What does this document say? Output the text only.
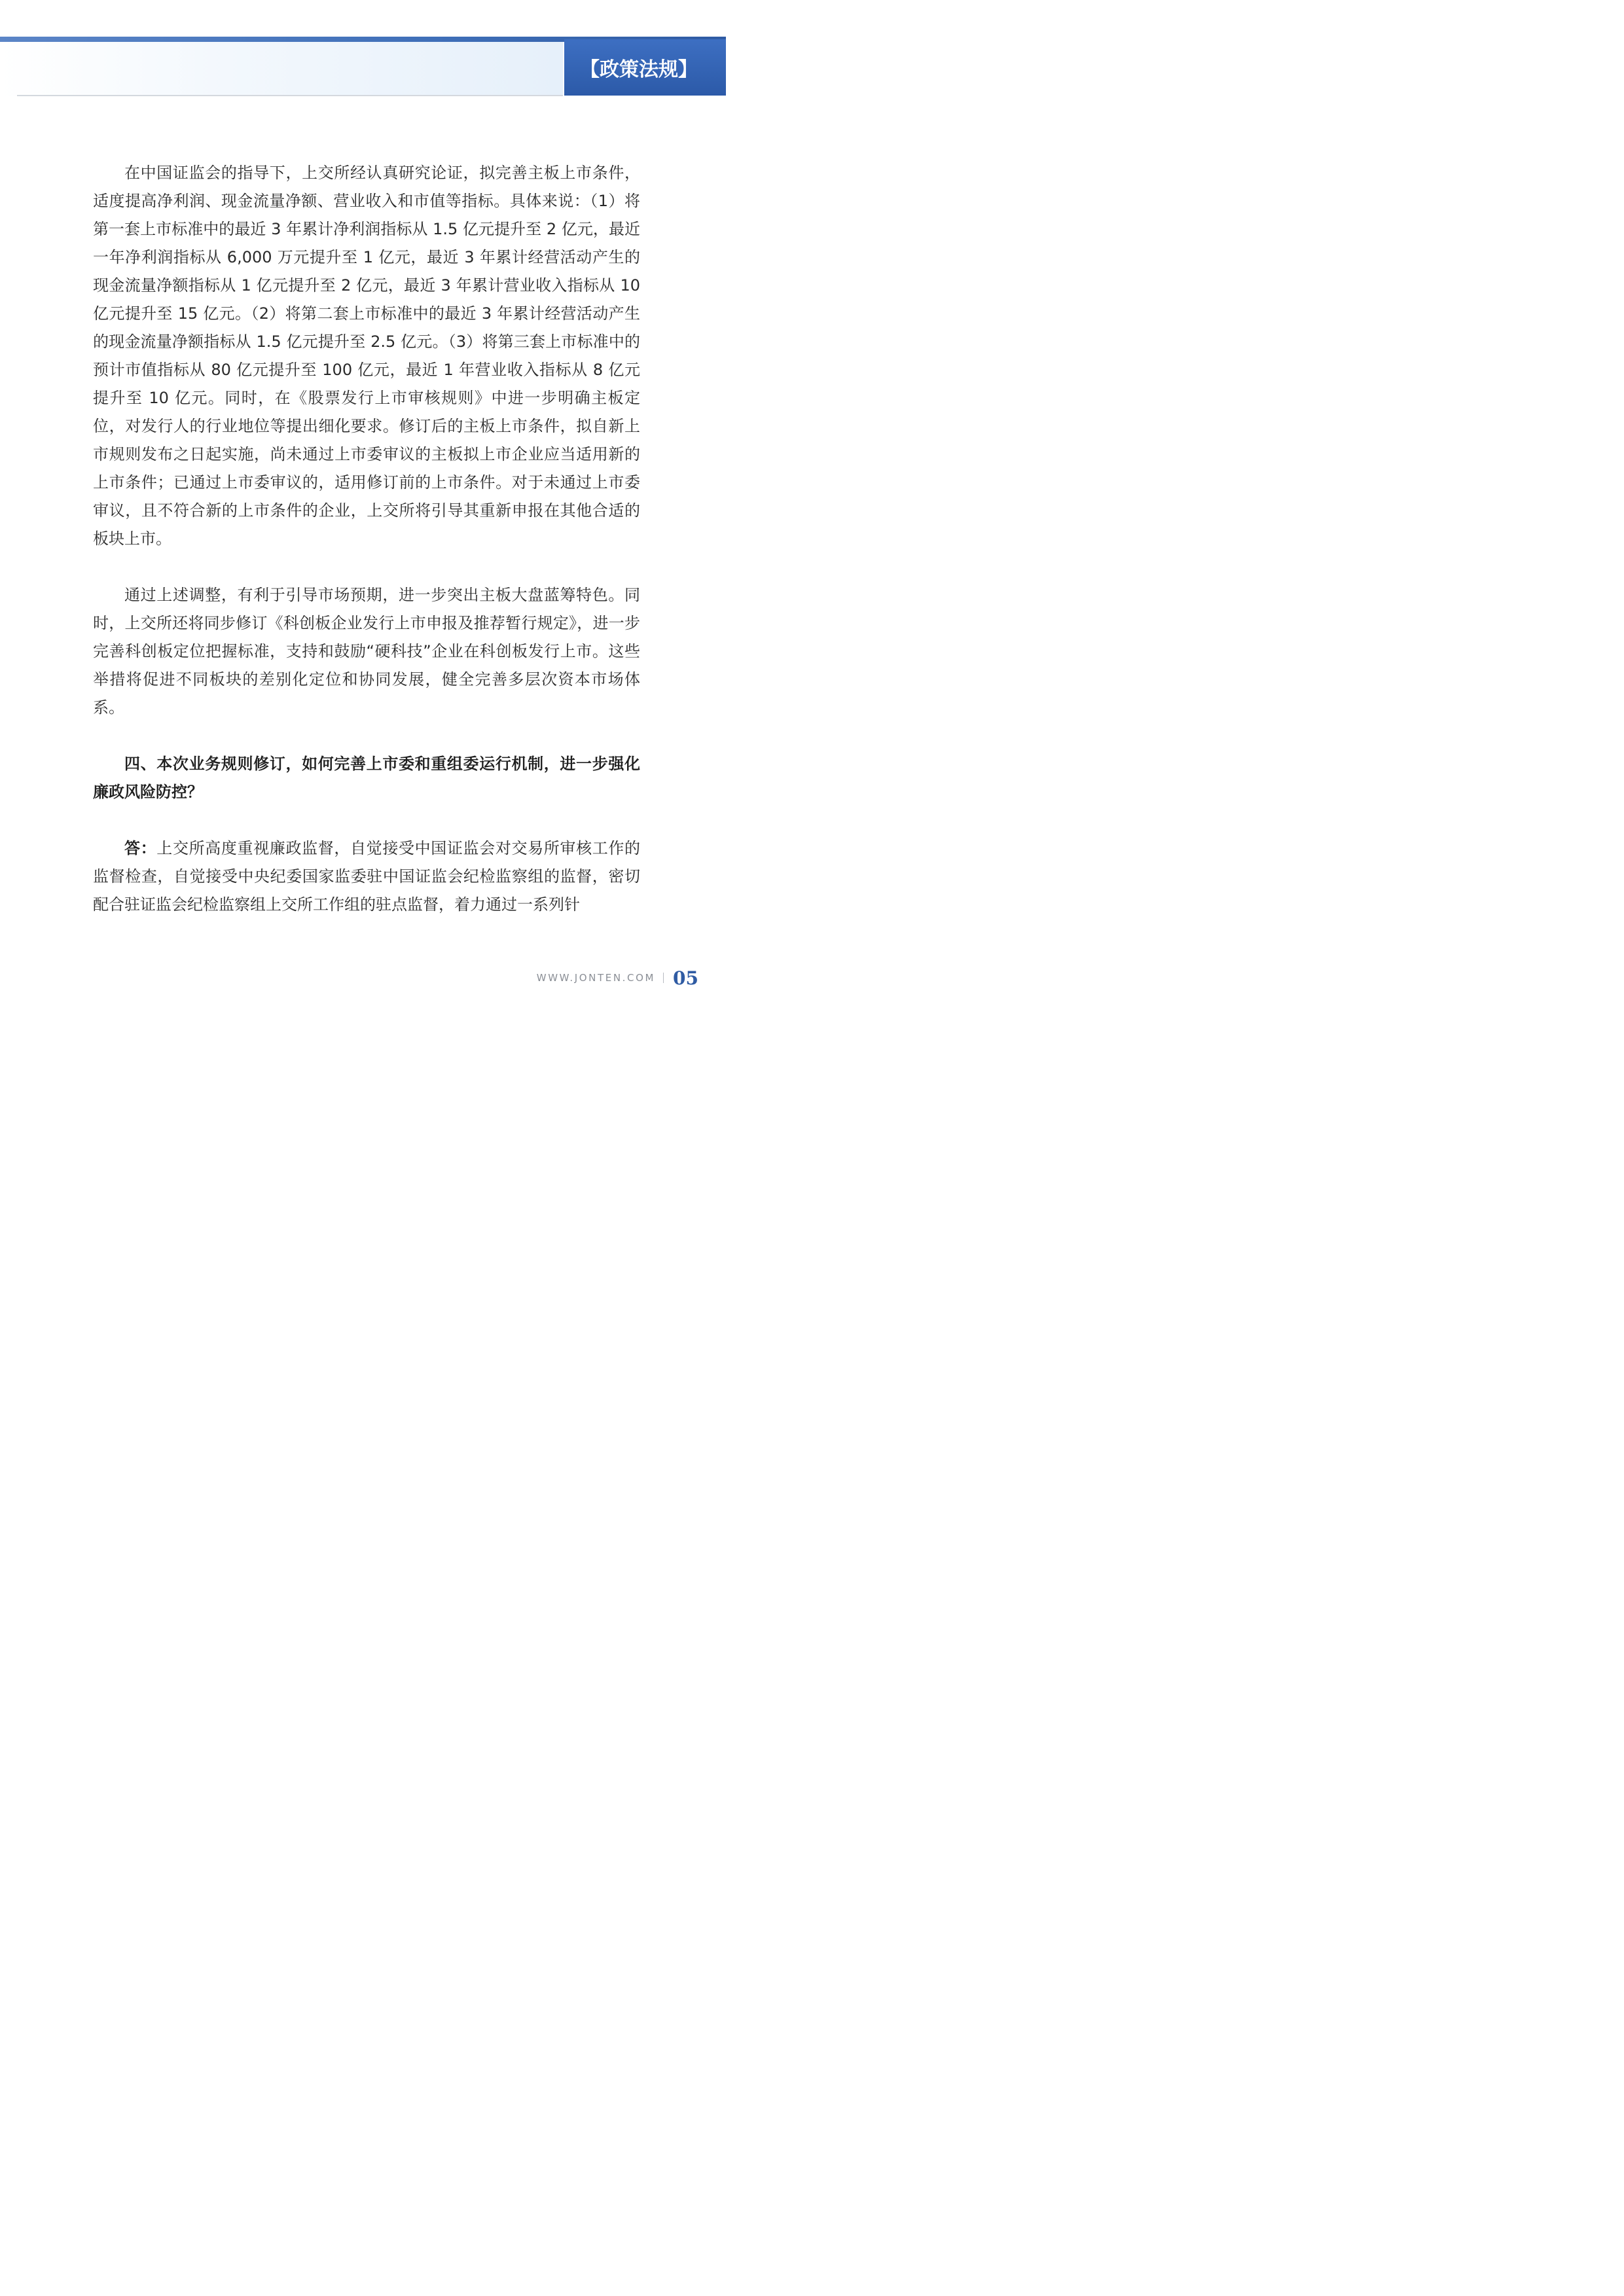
【政策法规】

在中国证监会的指导下，上交所经认真研究论证，拟完善主板上市条件，适度提高净利润、现金流量净额、营业收入和市值等指标。具体来说：（1）将第一套上市标准中的最近 3 年累计净利润指标从 1.5 亿元提升至 2 亿元，最近一年净利润指标从 6,000 万元提升至 1 亿元，最近 3 年累计经营活动产生的现金流量净额指标从 1 亿元提升至 2 亿元，最近 3 年累计营业收入指标从 10 亿元提升至 15 亿元。（2）将第二套上市标准中的最近 3 年累计经营活动产生的现金流量净额指标从 1.5 亿元提升至 2.5 亿元。（3）将第三套上市标准中的预计市值指标从 80 亿元提升至 100 亿元，最近 1 年营业收入指标从 8 亿元提升至 10 亿元。同时，在《股票发行上市审核规则》中进一步明确主板定位，对发行人的行业地位等提出细化要求。修订后的主板上市条件，拟自新上市规则发布之日起实施，尚未通过上市委审议的主板拟上市企业应当适用新的上市条件；已通过上市委审议的，适用修订前的上市条件。对于未通过上市委审议，且不符合新的上市条件的企业，上交所将引导其重新申报在其他合适的板块上市。

通过上述调整，有利于引导市场预期，进一步突出主板大盘蓝筹特色。同时，上交所还将同步修订《科创板企业发行上市申报及推荐暂行规定》，进一步完善科创板定位把握标准，支持和鼓励“硬科技”企业在科创板发行上市。这些举措将促进不同板块的差别化定位和协同发展，健全完善多层次资本市场体系。

四、本次业务规则修订，如何完善上市委和重组委运行机制，进一步强化廉政风险防控？

答：上交所高度重视廉政监督，自觉接受中国证监会对交易所审核工作的监督检查，自觉接受中央纪委国家监委驻中国证监会纪检监察组的监督，密切配合驻证监会纪检监察组上交所工作组的驻点监督，着力通过一系列针

WWW.JONTEN.COM 05
